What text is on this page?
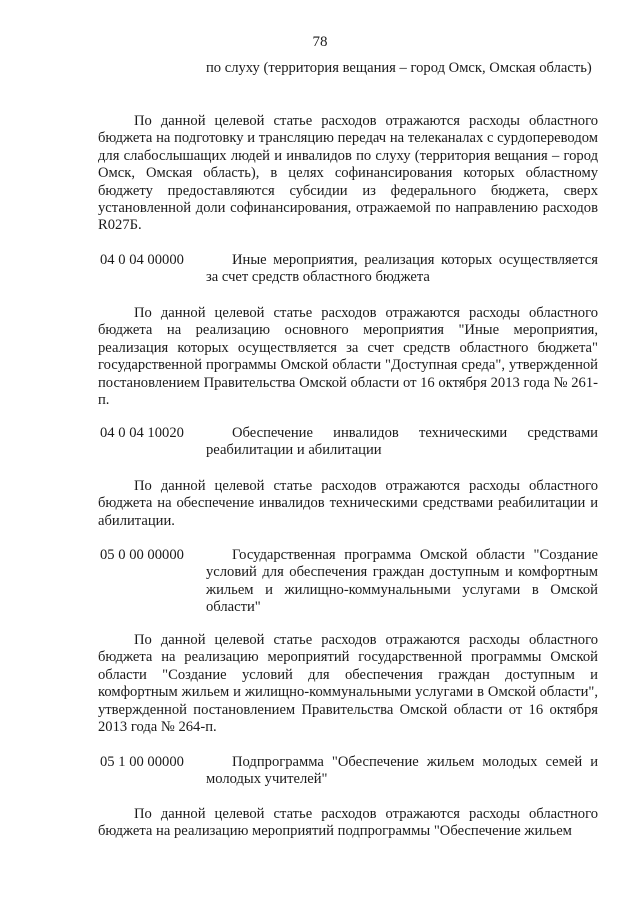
78
по слуху (территория вещания – город Омск, Омская область)
По данной целевой статье расходов отражаются расходы областного бюджета на подготовку и трансляцию передач на телеканалах с сурдопереводом для слабослышащих людей и инвалидов по слуху (территория вещания – город Омск, Омская область), в целях софинансирования которых областному бюджету предоставляются субсидии из федерального бюджета, сверх установленной доли софинансирования, отражаемой по направлению расходов R027Б.
04 0 04 00000	Иные мероприятия, реализация которых осуществляется за счет средств областного бюджета
По данной целевой статье расходов отражаются расходы областного бюджета на реализацию основного мероприятия "Иные мероприятия, реализация которых осуществляется за счет средств областного бюджета" государственной программы Омской области "Доступная среда", утвержденной постановлением Правительства Омской области от 16 октября 2013 года № 261-п.
04 0 04 10020	Обеспечение инвалидов техническими средствами реабилитации и абилитации
По данной целевой статье расходов отражаются расходы областного бюджета на обеспечение инвалидов техническими средствами реабилитации и абилитации.
05 0 00 00000	Государственная программа Омской области "Создание условий для обеспечения граждан доступным и комфортным жильем и жилищно-коммунальными услугами в Омской области"
По данной целевой статье расходов отражаются расходы областного бюджета на реализацию мероприятий государственной программы Омской области "Создание условий для обеспечения граждан доступным и комфортным жильем и жилищно-коммунальными услугами в Омской области", утвержденной постановлением Правительства Омской области от 16 октября 2013 года № 264-п.
05 1 00 00000	Подпрограмма "Обеспечение жильем молодых семей и молодых учителей"
По данной целевой статье расходов отражаются расходы областного бюджета на реализацию мероприятий подпрограммы "Обеспечение жильем
